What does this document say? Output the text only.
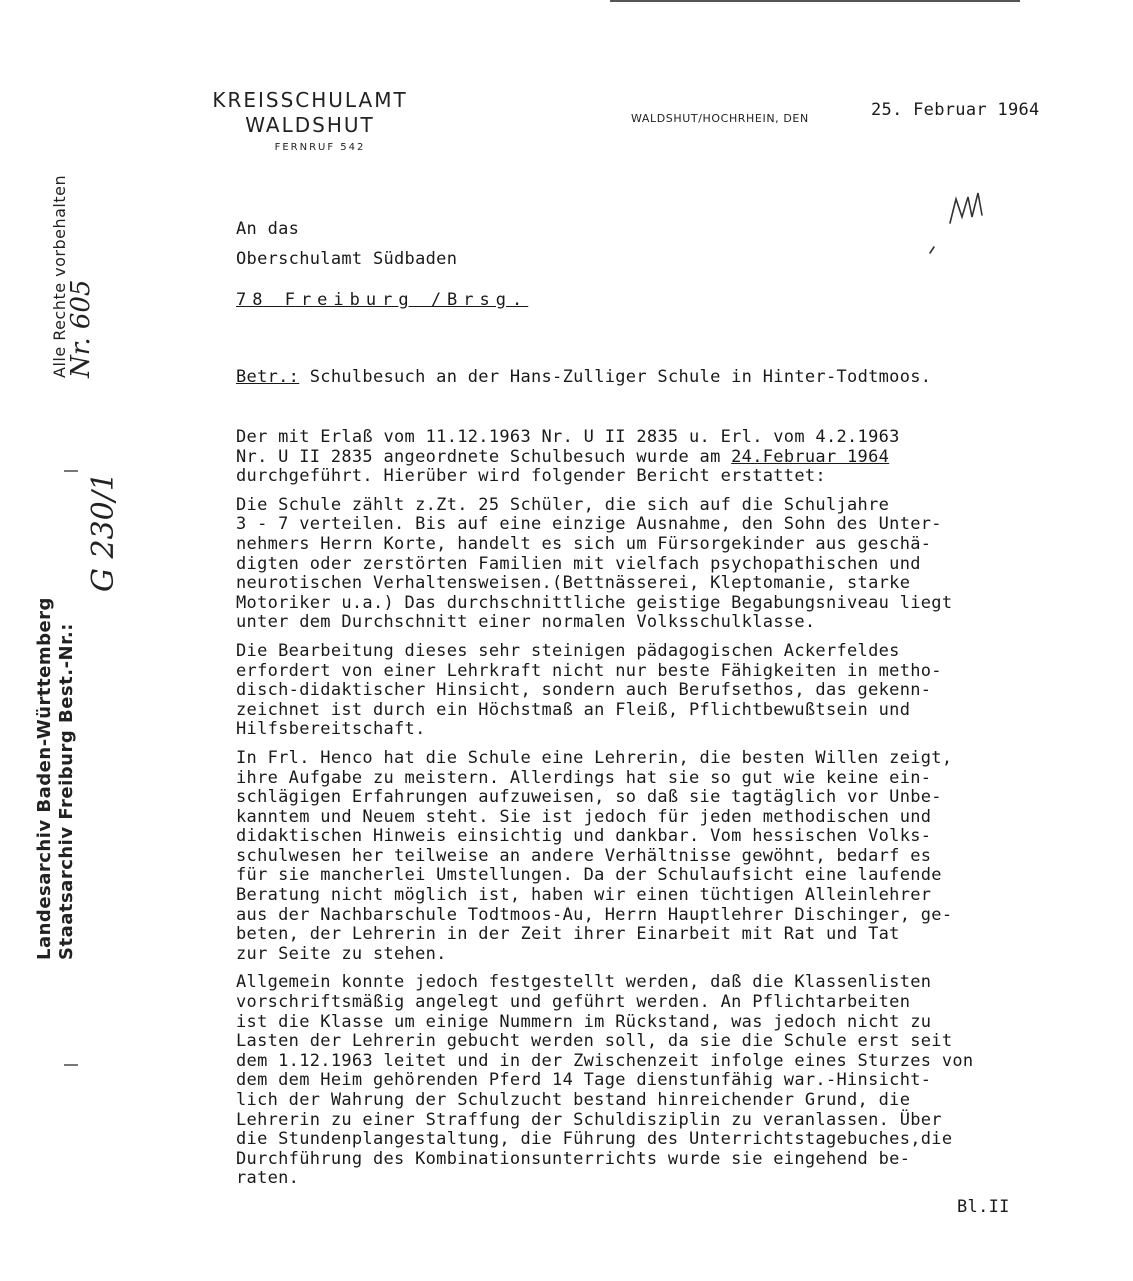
KREISSCHULAMT
WALDSHUT
FERNRUF 542
WALDSHUT/HOCHRHEIN, DEN	25. Februar 1964
An das
Oberschulamt Südbaden
78 Freiburg /Brsg.
Betr.: Schulbesuch an der Hans-Zulliger Schule in Hinter-Todtmoos.
Der mit Erlaß vom 11.12.1963 Nr. U II 2835 u. Erl. vom 4.2.1963
Nr. U II 2835 angeordnete Schulbesuch wurde am 24.Februar 1964
durchgeführt. Hierüber wird folgender Bericht erstattet:
Die Schule zählt z.Zt. 25 Schüler, die sich auf die Schuljahre
3 - 7 verteilen. Bis auf eine einzige Ausnahme, den Sohn des Unter-
nehmers Herrn Korte, handelt es sich um Fürsorgekinder aus geschä-
digten oder zerstörten Familien mit vielfach psychopathischen und
neurotischen Verhaltensweisen.(Bettnässerei, Kleptomanie, starke
Motoriker u.a.) Das durchschnittliche geistige Begabungsniveau liegt
unter dem Durchschnitt einer normalen Volksschulklasse.
Die Bearbeitung dieses sehr steinigen pädagogischen Ackerfeldes
erfordert von einer Lehrkraft nicht nur beste Fähigkeiten in metho-
disch-didaktischer Hinsicht, sondern auch Berufsethos, das gekenn-
zeichnet ist durch ein Höchstmaß an Fleiß, Pflichtbewußtsein und
Hilfsbereitschaft.
In Frl. Henco hat die Schule eine Lehrerin, die besten Willen zeigt,
ihre Aufgabe zu meistern. Allerdings hat sie so gut wie keine ein-
schlägigen Erfahrungen aufzuweisen, so daß sie tagtäglich vor Unbe-
kanntem und Neuem steht. Sie ist jedoch für jeden methodischen und
didaktischen Hinweis einsichtig und dankbar. Vom hessischen Volks-
schulwesen her teilweise an andere Verhältnisse gewöhnt, bedarf es
für sie mancherlei Umstellungen. Da der Schulaufsicht eine laufende
Beratung nicht möglich ist, haben wir einen tüchtigen Alleinlehrer
aus der Nachbarschule Todtmoos-Au, Herrn Hauptlehrer Dischinger, ge-
beten, der Lehrerin in der Zeit ihrer Einarbeit mit Rat und Tat
zur Seite zu stehen.
Allgemein konnte jedoch festgestellt werden, daß die Klassenlisten
vorschriftsmäßig angelegt und geführt werden. An Pflichtarbeiten
ist die Klasse um einige Nummern im Rückstand, was jedoch nicht zu
Lasten der Lehrerin gebucht werden soll, da sie die Schule erst seit
dem 1.12.1963 leitet und in der Zwischenzeit infolge eines Sturzes von
dem dem Heim gehörenden Pferd 14 Tage dienstunfähig war.-Hinsicht-
lich der Wahrung der Schulzucht bestand hinreichender Grund, die
Lehrerin zu einer Straffung der Schuldisziplin zu veranlassen. Über
die Stundenplangestaltung, die Führung des Unterrichtstagebuches,die
Durchführung des Kombinationsunterrichts wurde sie eingehend be-
raten.
Bl.II
Alle Rechte vorbehalten
Nr. 605
Landesarchiv Baden-Württemberg Staatsarchiv Freiburg Best.-Nr.:
G 230/1
